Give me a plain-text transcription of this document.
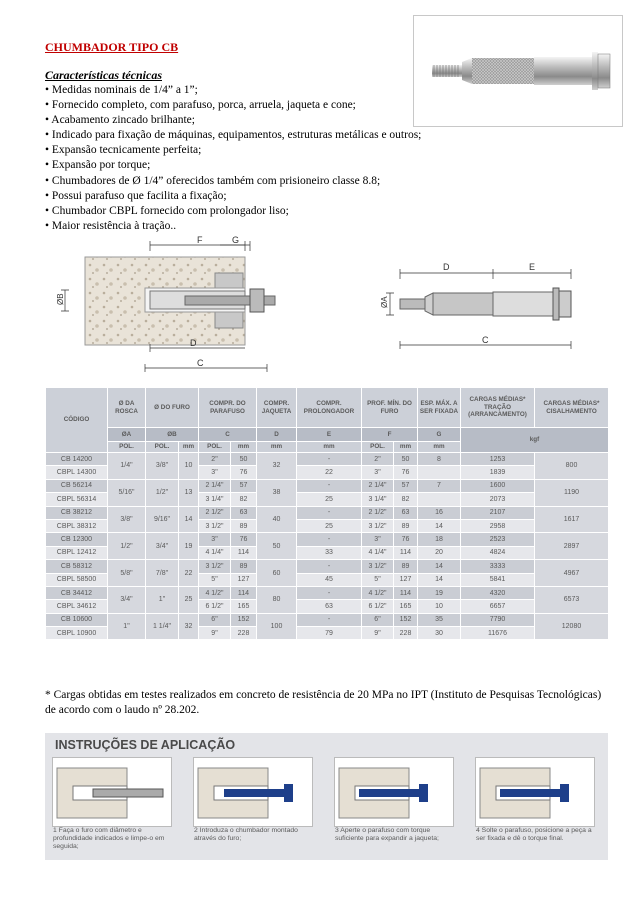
CHUMBADOR TIPO CB
Características técnicas
• Medidas nominais de 1/4” a 1”;
• Fornecido completo, com parafuso, porca, arruela, jaqueta e cone;
• Acabamento zincado brilhante;
• Indicado para fixação de máquinas, equipamentos, estruturas metálicas e outros;
• Expansão tecnicamente perfeita;
• Expansão por torque;
• Chumbadores de Ø 1/4” oferecidos também com prisioneiro classe 8.8;
• Possui parafuso que facilita a fixação;
• Chumbador CBPL fornecido com prolongador liso;
• Maior resistência à tração..
F	G
ØB
D
C
ØA
D	E
C
CÓDIGO	Ø DA ROSCA	Ø DO FURO		COMPR. DO PARAFUSO		COMPR. JAQUETA	COMPR. PROLONGADOR	PROF. MÍN. DO FURO		ESP. MÁX. A SER FIXADA	CARGAS MÉDIAS* TRAÇÃO (ARRANCAMENTO)	CARGAS MÉDIAS* CISALHAMENTO
	ØA	ØB		C		D	E	F		G	kgf	
	POL.	POL.	mm	POL.	mm	mm	mm	POL.	mm	mm		
CB 14200	1/4"	3/8"	10	2"	50	32	-	2"	50	8	1253	800
CBPL 14300				3"	76		22	3"	76		1839	
CB 56214	5/16"	1/2"	13	2 1/4"	57	38	-	2 1/4"	57	7	1600	1190
CBPL 56314				3 1/4"	82		25	3 1/4"	82		2073	
CB 38212	3/8"	9/16"	14	2 1/2"	63	40	-	2 1/2"	63	16	2107	1617
CBPL 38312				3 1/2"	89		25	3 1/2"	89	14	2958	
CB 12300	1/2"	3/4"	19	3"	76	50	-	3"	76	18	2523	2897
CBPL 12412				4 1/4"	114		33	4 1/4"	114	20	4824	
CB 58312	5/8"	7/8"	22	3 1/2"	89	60	-	3 1/2"	89	14	3333	4967
CBPL 58500				5"	127		45	5"	127	14	5841	
CB 34412	3/4"	1"	25	4 1/2"	114	80	-	4 1/2"	114	19	4320	6573
CBPL 34612				6 1/2"	165		63	6 1/2"	165	10	6657	
CB 10600	1"	1 1/4"	32	6"	152	100	-	6"	152	35	7790	12080
CBPL 10900				9"	228		79	9"	228	30	11676	
* Cargas obtidas em testes realizados em concreto de resistência de 20 MPa no IPT (Instituto de Pesquisas Tecnológicas) de acordo com o laudo nº 28.202.
INSTRUÇÕES DE APLICAÇÃO
1 Faça o furo com diâmetro e profundidade indicados e limpe-o em seguida;
2 Introduza o chumbador montado através do furo;
3 Aperte o parafuso com torque suficiente para expandir a jaqueta;
4 Solte o parafuso, posicione a peça a ser fixada e dê o torque final.
